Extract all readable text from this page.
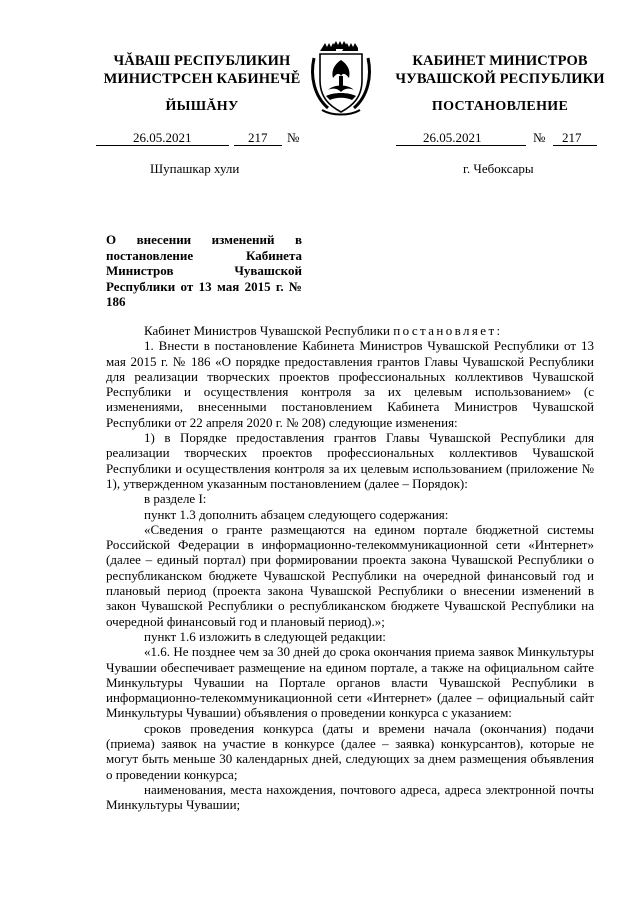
ЧĂВАШ РЕСПУБЛИКИН
МИНИСТРСЕН КАБИНЕЧĚ
ЙЫШĂНУ
КАБИНЕТ МИНИСТРОВ
ЧУВАШСКОЙ РЕСПУБЛИКИ
ПОСТАНОВЛЕНИЕ
26.05.2021	217 №	26.05.2021	№ 217
Шупашкар хули	г. Чебоксары
О внесении изменений в постановление Кабинета Министров Чувашской Республики от 13 мая 2015 г. № 186

Кабинет Министров Чувашской Республики постановляет:

1. Внести в постановление Кабинета Министров Чувашской Республики от 13 мая 2015 г. № 186 «О порядке предоставления грантов Главы Чувашской Республики для реализации творческих проектов профессиональных коллективов Чувашской Республики и осуществления контроля за их целевым использованием» (с изменениями, внесенными постановлением Кабинета Министров Чувашской Республики от 22 апреля 2020 г. № 208) следующие изменения:

1) в Порядке предоставления грантов Главы Чувашской Республики для реализации творческих проектов профессиональных коллективов Чувашской Республики и осуществления контроля за их целевым использованием (приложение № 1), утвержденном указанным постановлением (далее – Порядок):

в разделе I:

пункт 1.3 дополнить абзацем следующего содержания:

«Сведения о гранте размещаются на едином портале бюджетной системы Российской Федерации в информационно-телекоммуникационной сети «Интернет» (далее – единый портал) при формировании проекта закона Чувашской Республики о республиканском бюджете Чувашской Республики на очередной финансовый год и плановый период (проекта закона Чувашской Республики о внесении изменений в закон Чувашской Республики о республиканском бюджете Чувашской Республики на очередной финансовый год и плановый период).»;

пункт 1.6 изложить в следующей редакции:

«1.6. Не позднее чем за 30 дней до срока окончания приема заявок Минкультуры Чувашии обеспечивает размещение на едином портале, а также на официальном сайте Минкультуры Чувашии на Портале органов власти Чувашской Республики в информационно-телекоммуникационной сети «Интернет» (далее – официальный сайт Минкультуры Чувашии) объявления о проведении конкурса с указанием:

сроков проведения конкурса (даты и времени начала (окончания) подачи (приема) заявок на участие в конкурсе (далее – заявка) конкурсантов), которые не могут быть меньше 30 календарных дней, следующих за днем размещения объявления о проведении конкурса;

наименования, места нахождения, почтового адреса, адреса электронной почты Минкультуры Чувашии;
